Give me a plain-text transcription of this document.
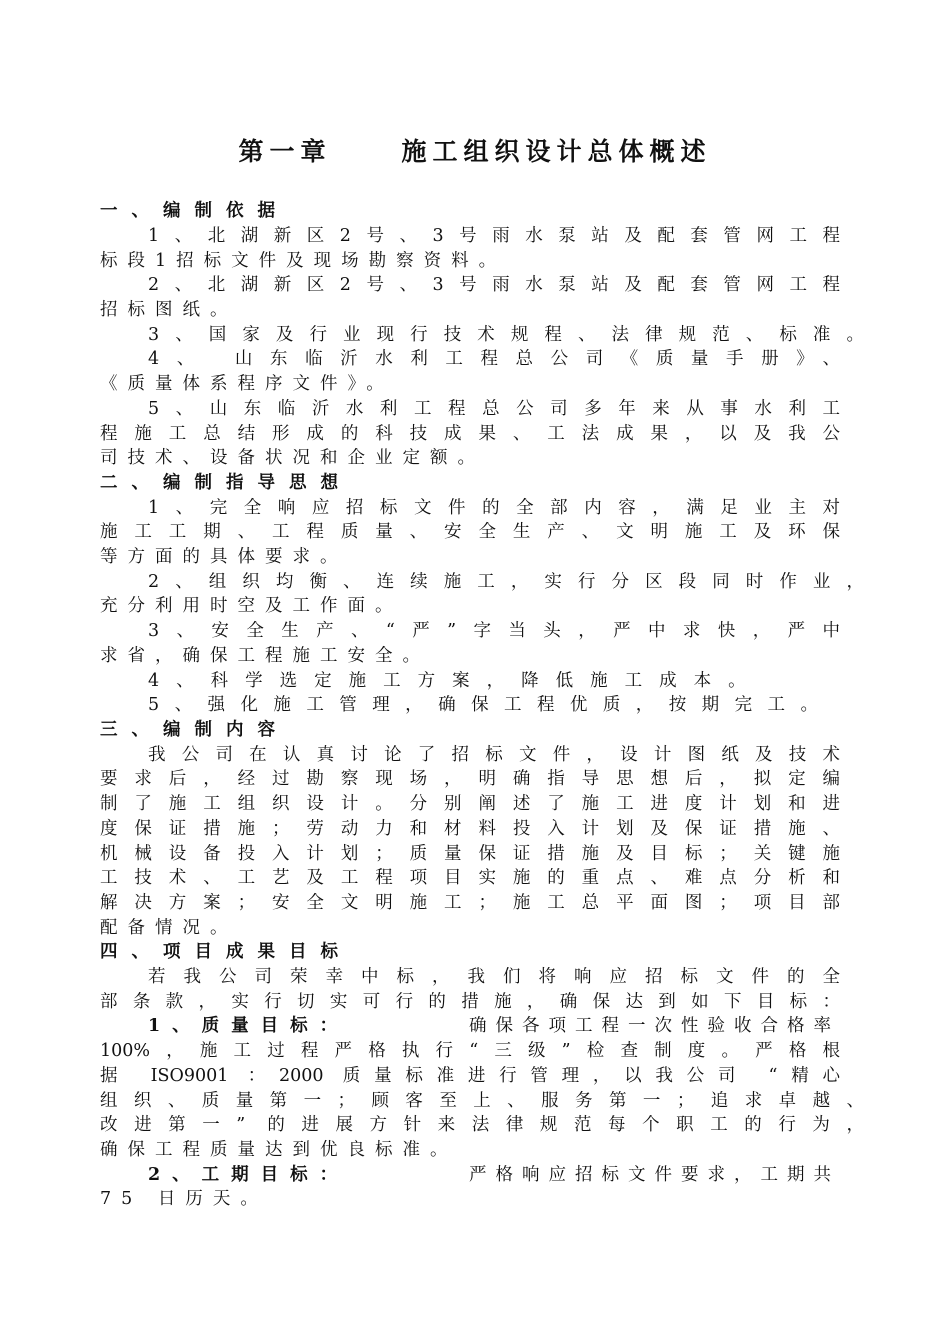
第一章	施工组织设计总体概述
一、编制依据
1、北湖新区2号、3号雨水泵站及配套管网工程
标段1招标文件及现场勘察资料。
2、北湖新区2号、3号雨水泵站及配套管网工程
招标图纸。
3、国家及行业现行技术规程、法律规范、标准。
4、 山东临沂水利工程总公司《质量手册》、
《质量体系程序文件》。
5、山东临沂水利工程总公司多年来从事水利工
程施工总结形成的科技成果、工法成果，以及我公
司技术、设备状况和企业定额。
二、编制指导思想
1、完全响应招标文件的全部内容，满足业主对
施工工期、工程质量、安全生产、文明施工及环保
等方面的具体要求。
2、组织均衡、连续施工，实行分区段同时作业，
充分利用时空及工作面。
3、安全生产、“严”字当头，严中求快，严中
求省，确保工程施工安全。
4、科学选定施工方案，降低施工成本。
5、强化施工管理，确保工程优质，按期完工。
三、编制内容
我公司在认真讨论了招标文件，设计图纸及技术
要求后，经过勘察现场，明确指导思想后，拟定编
制了施工组织设计。分别阐述了施工进度计划和进
度保证措施；劳动力和材料投入计划及保证措施、
机械设备投入计划；质量保证措施及目标；关键施
工技术、工艺及工程项目实施的重点、难点分析和
解决方案；安全文明施工；施工总平面图；项目部
配备情况。
四、项目成果目标
若我公司荣幸中标，我们将响应招标文件的全
部条款，实行切实可行的措施，确保达到如下目标：
1、质量目标：	确保各项工程一次性验收合格率
100%，施工过程严格执行“三级”检查制度。严格根
据 ISO9001 ：2000 质量标准进行管理，以我公司 “精心
组织、质量第一；顾客至上、服务第一；追求卓越、
改进第一” 的进展方针来法律规范每个职工的行为，
确保工程质量达到优良标准。
2、工期目标：	严格响应招标文件要求，工期共
75 日历天。
